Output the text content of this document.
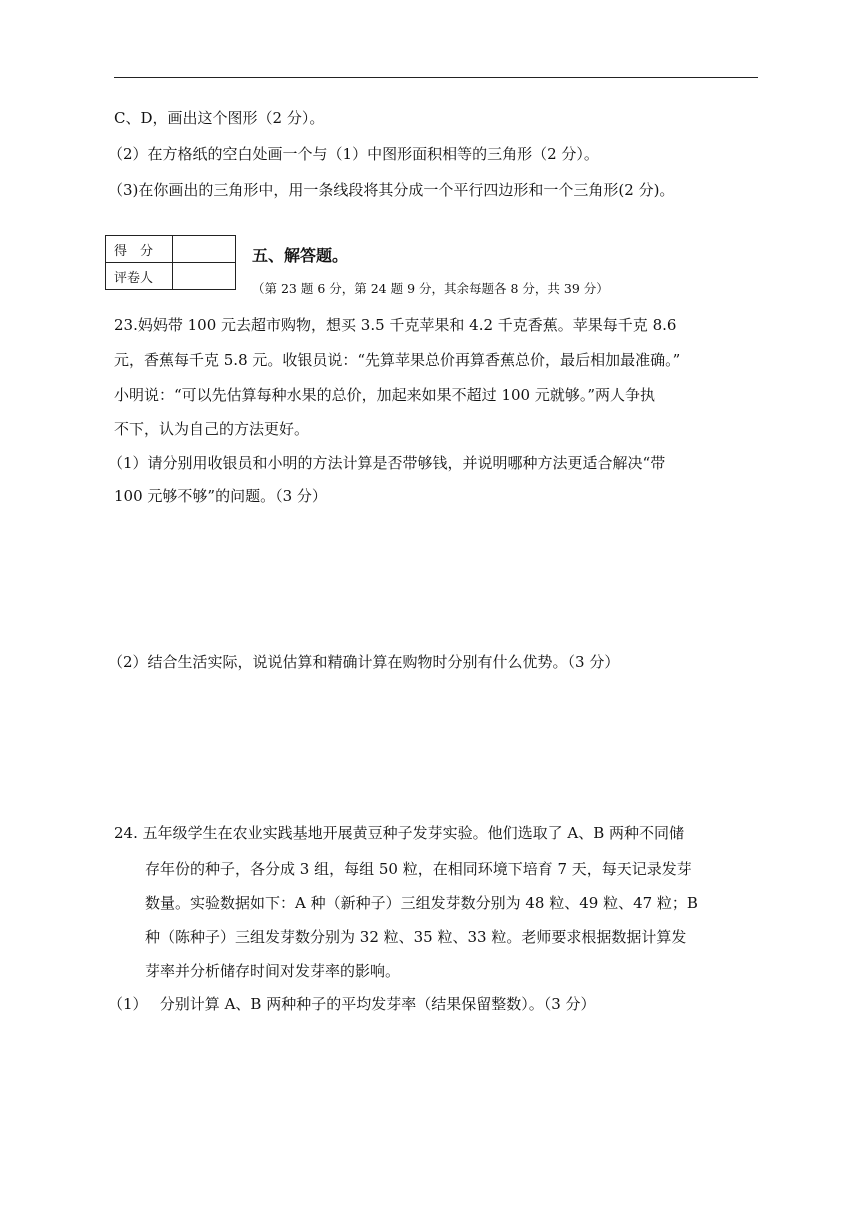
C、D，画出这个图形（2 分）。
（2）在方格纸的空白处画一个与（1）中图形面积相等的三角形（2 分）。
（3)在你画出的三角形中，用一条线段将其分成一个平行四边形和一个三角形(2 分)。
得　分	
评卷人	
五、解答题。
（第 23 题 6 分，第 24 题 9 分，其余每题各 8 分，共 39 分）
23.妈妈带 100 元去超市购物，想买 3.5 千克苹果和 4.2 千克香蕉。苹果每千克 8.6
元，香蕉每千克 5.8 元。收银员说：“先算苹果总价再算香蕉总价，最后相加最准确。”
小明说：“可以先估算每种水果的总价，加起来如果不超过 100 元就够。”两人争执
不下，认为自己的方法更好。
（1）请分别用收银员和小明的方法计算是否带够钱，并说明哪种方法更适合解决“带
100 元够不够”的问题。（3 分）
（2）结合生活实际，说说估算和精确计算在购物时分别有什么优势。（3 分）
24. 五年级学生在农业实践基地开展黄豆种子发芽实验。他们选取了 A、B 两种不同储
存年份的种子，各分成 3 组，每组 50 粒，在相同环境下培育 7 天，每天记录发芽
数量。实验数据如下：A 种（新种子）三组发芽数分别为 48 粒、49 粒、47 粒；B
种（陈种子）三组发芽数分别为 32 粒、35 粒、33 粒。老师要求根据数据计算发
芽率并分析储存时间对发芽率的影响。
（1）　 分别计算 A、B 两种种子的平均发芽率（结果保留整数）。（3 分）
